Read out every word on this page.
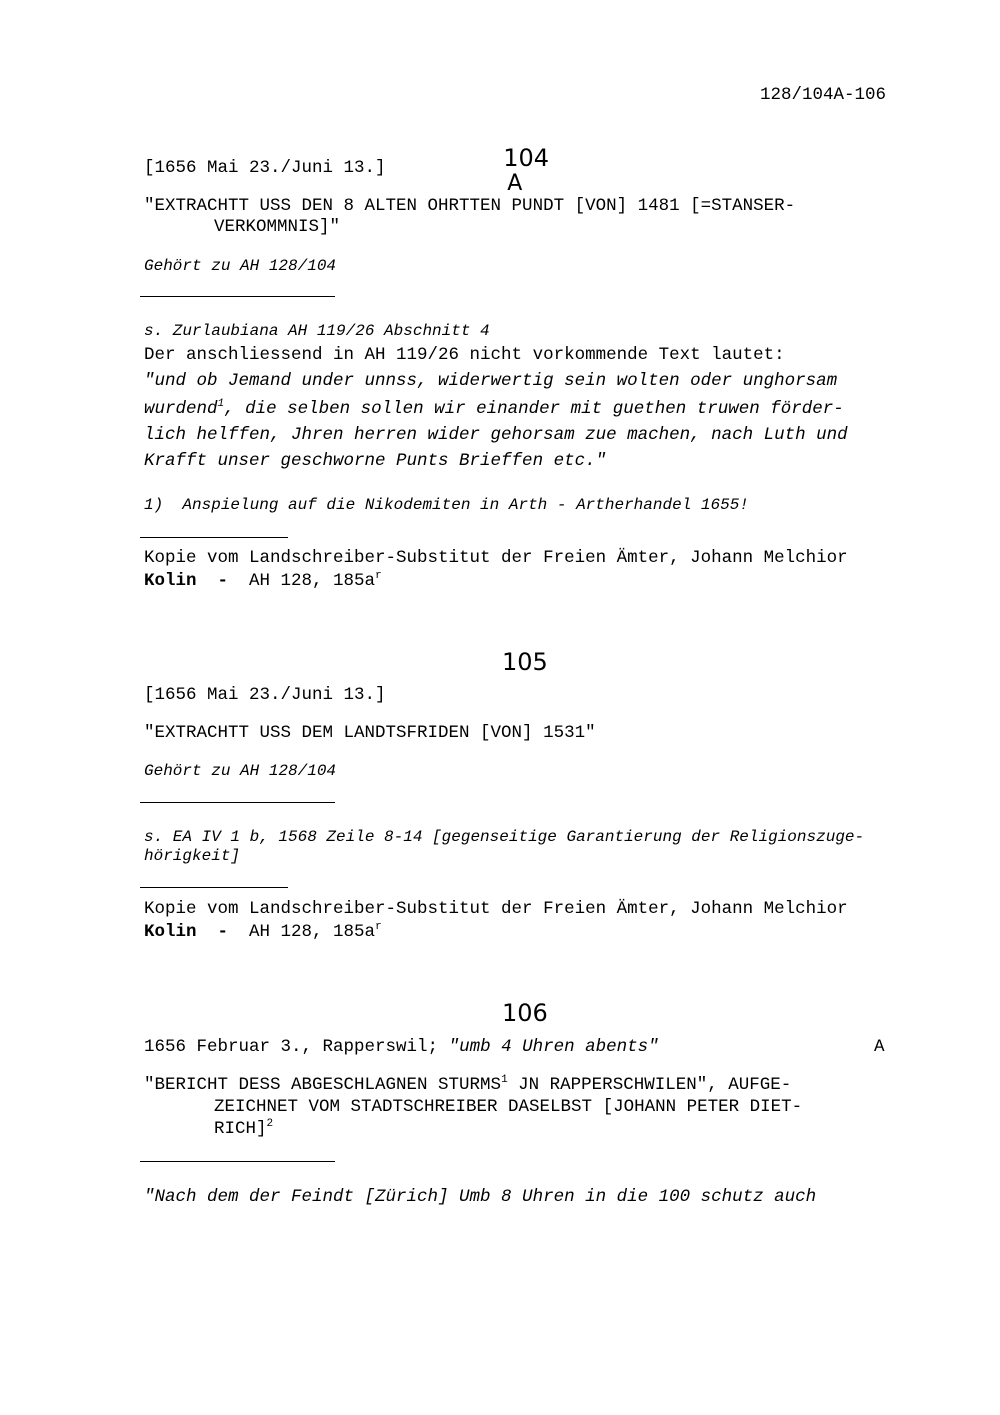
128/104A-106

104
A

[1656 Mai 23./Juni 13.]
"EXTRACHTT USS DEN 8 ALTEN OHRTTEN PUNDT [VON] 1481 [=STANSER-
VERKOMMNIS]"
Gehört zu AH 128/104
s. Zurlaubiana AH 119/26 Abschnitt 4
Der anschliessend in AH 119/26 nicht vorkommende Text lautet:
"und ob Jemand under unnss, widerwertig sein wolten oder unghorsam
wurdend$^1$, die selben sollen wir einander mit guethen truwen förder-
lich helffen, Jhren herren wider gehorsam zue machen, nach Luth und
Krafft unser geschworne Punts Brieffen etc."
1)  Anspielung auf die Nikodemiten in Arth - Artherhandel 1655!
Kopie vom Landschreiber-Substitut der Freien Ämter, Johann Melchior
Kolin  -  AH 128, $185a^r$
105
[1656 Mai 23./Juni 13.]
"EXTRACHTT USS DEM LANDTSFRIDEN [VON] 1531"
Gehört zu AH 128/104
s. EA IV 1 b, 1568 Zeile 8-14 [gegenseitige Garantierung der Religionszuge-
hörigkeit]
Kopie vom Landschreiber-Substitut der Freien Ämter, Johann Melchior
Kolin  -  AH 128, $185a^r$
106
1656 Februar 3., Rapperswil; "umb 4 Uhren abents"	A
"BERICHT DESS ABGESCHLAGNEN STURMS$^1$ JN RAPPERSCHWILEN", AUFGE-
ZEICHNET VOM STADTSCHREIBER DASELBST [JOHANN PETER DIET-
RICH]$^2$
"Nach dem der Feindt [Zürich] Umb 8 Uhren in die 100 schutz auch
